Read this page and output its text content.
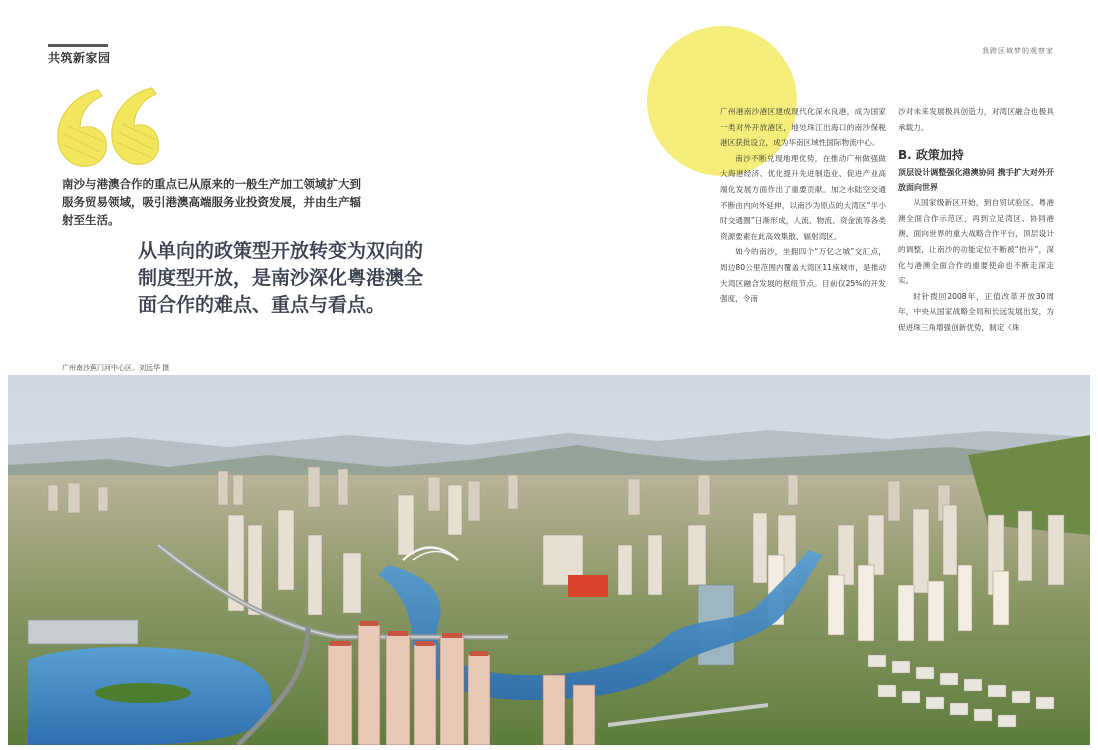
共筑新家园	我跨区域梦的观察家
南沙与港澳合作的重点已从原来的一般生产加工领域扩大到服务贸易领域，吸引港澳高端服务业投资发展，并由生产辐射至生活。
从单向的政策型开放转变为双向的制度型开放，是南沙深化粤港澳全面合作的难点、重点与看点。
广州南沙蕉门河中心区。刘远华 摄

广州港南沙港区建成现代化深水良港，成为国家一类对外开放港区，地处珠江出海口的南沙保税港区获批设立，成为华南区域性国际物流中心。

南沙不断兑现地理优势，在推动广州做强做大海港经济、优化提升先进制造业、促进产业高端化发展方面作出了重要贡献。加之水陆空交通不断由内向外延伸，以南沙为原点的大湾区“半小时交通圈”日渐形成，人流、物流、资金流等各类资源要素在此高效集散、辐射湾区。

如今的南沙，坐拥四个“万亿之城”交汇点，周边80公里范围内覆盖大湾区11座城市，是推动大湾区融合发展的枢纽节点。目前仅25%的开发强度，令南

沙对未来发展极具创造力，对湾区融合也极具承载力。

B. 政策加持
顶层设计调整强化港澳协同 携手扩大对外开放面向世界

从国家级新区开始，到自贸试验区、粤港澳全面合作示范区，再到立足湾区、协同港澳、面向世界的重大战略合作平台，顶层设计的调整，让南沙的功能定位不断被“抬升”，深化与港澳全面合作的重要使命也不断走深走实。

时针拨回2008年，正值改革开放30周年，中央从国家战略全局和长远发展出发，为促进珠三角增强创新优势，制定《珠
